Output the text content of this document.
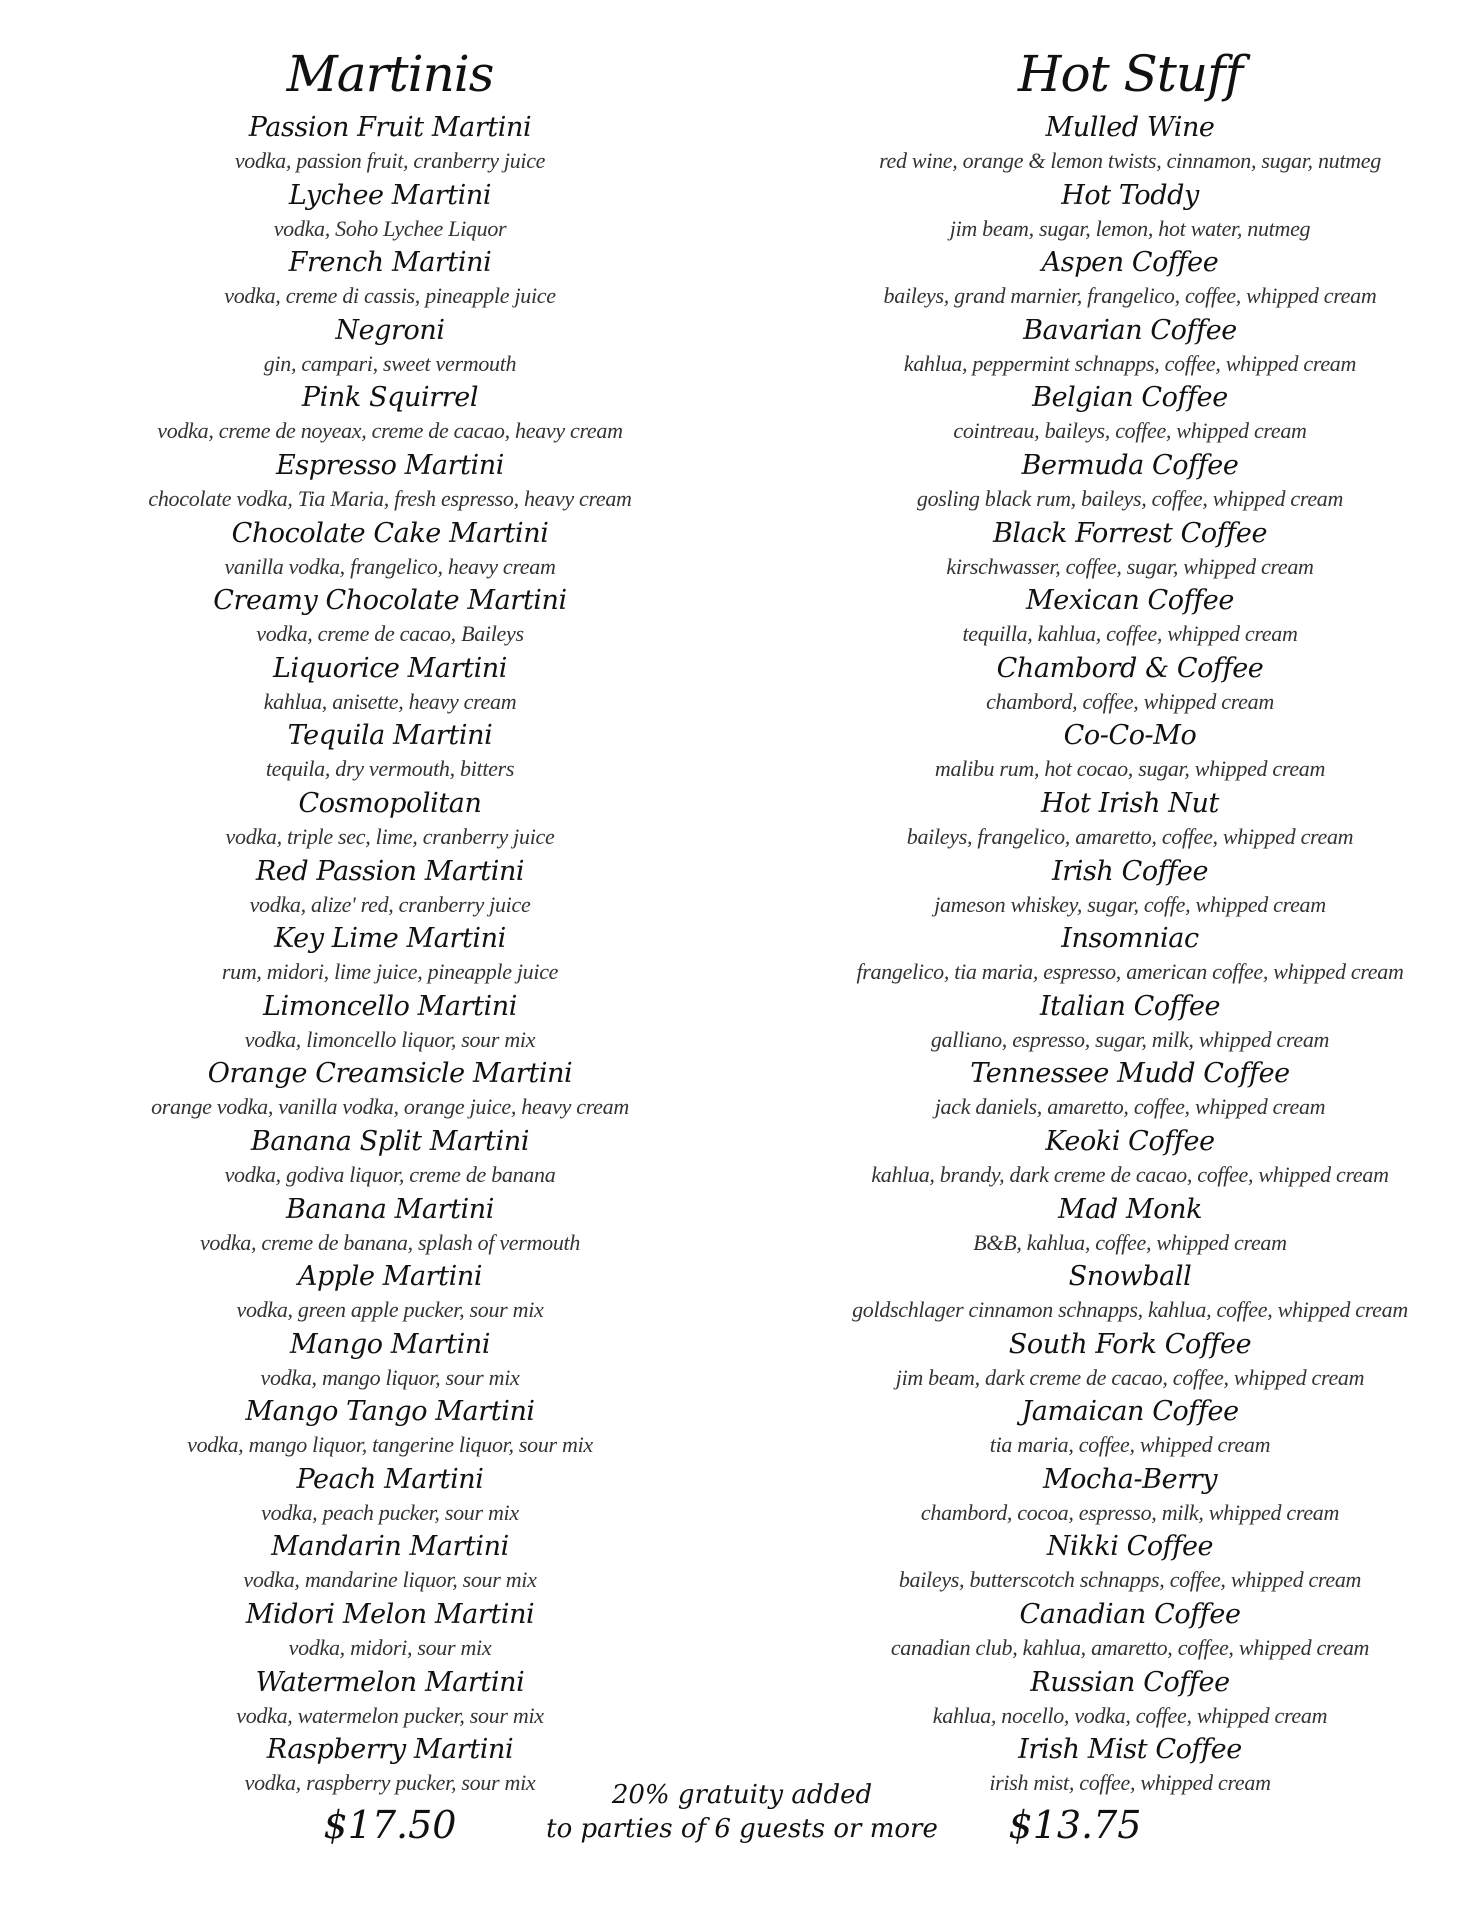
Martinis
Passion Fruit Martini
vodka, passion fruit, cranberry juice
Lychee Martini
vodka, Soho Lychee Liquor
French Martini
vodka, creme di cassis, pineapple juice
Negroni
gin, campari, sweet vermouth
Pink Squirrel
vodka, creme de noyeax, creme de cacao, heavy cream
Espresso Martini
chocolate vodka, Tia Maria, fresh espresso, heavy cream
Chocolate Cake Martini
vanilla vodka, frangelico, heavy cream
Creamy Chocolate Martini
vodka, creme de cacao, Baileys
Liquorice Martini
kahlua, anisette, heavy cream
Tequila Martini
tequila, dry vermouth, bitters
Cosmopolitan
vodka, triple sec, lime, cranberry juice
Red Passion Martini
vodka, alize' red, cranberry juice
Key Lime Martini
rum, midori, lime juice, pineapple juice
Limoncello Martini
vodka, limoncello liquor, sour mix
Orange Creamsicle Martini
orange vodka, vanilla vodka, orange juice, heavy cream
Banana Split Martini
vodka, godiva liquor, creme de banana
Banana Martini
vodka, creme de banana, splash of vermouth
Apple Martini
vodka, green apple pucker, sour mix
Mango Martini
vodka, mango liquor, sour mix
Mango Tango Martini
vodka, mango liquor, tangerine liquor, sour mix
Peach Martini
vodka, peach pucker, sour mix
Mandarin Martini
vodka, mandarine liquor, sour mix
Midori Melon Martini
vodka, midori, sour mix
Watermelon Martini
vodka, watermelon pucker, sour mix
Raspberry Martini
vodka, raspberry pucker, sour mix
Hot Stuff
Mulled Wine
red wine, orange & lemon twists, cinnamon, sugar, nutmeg
Hot Toddy
jim beam, sugar, lemon, hot water, nutmeg
Aspen Coffee
baileys, grand marnier, frangelico, coffee, whipped cream
Bavarian Coffee
kahlua, peppermint schnapps, coffee, whipped cream
Belgian Coffee
cointreau, baileys, coffee, whipped cream
Bermuda Coffee
gosling black rum, baileys, coffee, whipped cream
Black Forrest Coffee
kirschwasser, coffee, sugar, whipped cream
Mexican Coffee
tequilla, kahlua, coffee, whipped cream
Chambord & Coffee
chambord, coffee, whipped cream
Co-Co-Mo
malibu rum, hot cocao, sugar, whipped cream
Hot Irish Nut
baileys, frangelico, amaretto, coffee, whipped cream
Irish Coffee
jameson whiskey, sugar, coffe, whipped cream
Insomniac
frangelico, tia maria, espresso, american coffee, whipped cream
Italian Coffee
galliano, espresso, sugar, milk, whipped cream
Tennessee Mudd Coffee
jack daniels, amaretto, coffee, whipped cream
Keoki Coffee
kahlua, brandy, dark creme de cacao, coffee, whipped cream
Mad Monk
B&B, kahlua, coffee, whipped cream
Snowball
goldschlager cinnamon schnapps, kahlua, coffee, whipped cream
South Fork Coffee
jim beam, dark creme de cacao, coffee, whipped cream
Jamaican Coffee
tia maria, coffee, whipped cream
Mocha-Berry
chambord, cocoa, espresso, milk, whipped cream
Nikki Coffee
baileys, butterscotch schnapps, coffee, whipped cream
Canadian Coffee
canadian club, kahlua, amaretto, coffee, whipped cream
Russian Coffee
kahlua, nocello, vodka, coffee, whipped cream
Irish Mist Coffee
irish mist, coffee, whipped cream
$17.50
20% gratuity added
to parties of 6 guests or more	$13.75
